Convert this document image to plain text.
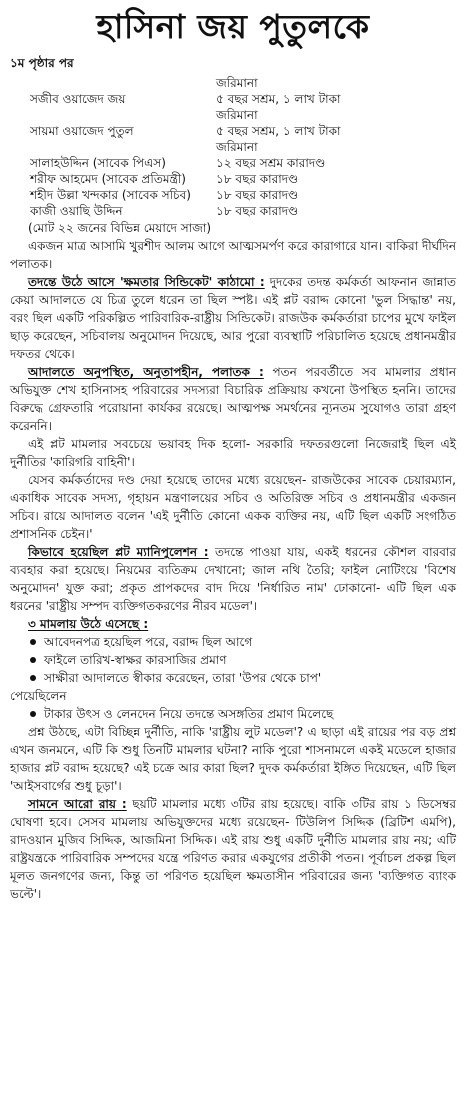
হাসিনা জয় পুতুলকে
১ম পৃষ্ঠার পর
	জরিমানা
সজীব ওয়াজেদ জয়	৫ বছর সশ্রম, ১ লাখ টাকা
	জরিমানা
সায়মা ওয়াজেদ পুতুল	৫ বছর সশ্রম, ১ লাখ টাকা
	জরিমানা
সালাহউদ্দিন (সাবেক পিএস)	১২ বছর সশ্রম কারাদণ্ড
শরীফ আহমেদ (সাবেক প্রতিমন্ত্রী)	১৮ বছর কারাদণ্ড
শহীদ উল্লা খন্দকার (সাবেক সচিব)	১৮ বছর কারাদণ্ড
কাজী ওয়াছি উদ্দিন	১৮ বছর কারাদণ্ড

(মোট ২২ জনের বিভিন্ন মেয়াদে সাজা)

একজন মাত্র আসামি খুরশীদ আলম আগে আত্মসমর্পণ করে কারাগারে যান। বাকিরা দীর্ঘদিন পলাতক।

তদন্তে উঠে আসে 'ক্ষমতার সিন্ডিকেট' কাঠামো : দুদকের তদন্ত কর্মকর্তা আফনান জান্নাত কেয়া আদালতে যে চিত্র তুলে ধরেন তা ছিল স্পষ্ট। এই প্লট বরাদ্দ কোনো 'ভুল সিদ্ধান্ত' নয়, বরং ছিল একটি পরিকল্পিত পারিবারিক-রাষ্ট্রীয় সিন্ডিকেট। রাজউক কর্মকর্তারা চাপের মুখে ফাইল ছাড় করেছেন, সচিবালয় অনুমোদন দিয়েছে, আর পুরো ব্যবস্থাটি পরিচালিত হয়েছে প্রধানমন্ত্রীর দফতর থেকে।

আদালতে অনুপস্থিত, অনুতাপহীন, পলাতক : পতন পরবর্তীতে সব মামলার প্রধান অভিযুক্ত শেখ হাসিনাসহ পরিবারের সদস্যরা বিচারিক প্রক্রিয়ায় কখনো উপস্থিত হননি। তাদের বিরুদ্ধে গ্রেফতারি পরোয়ানা কার্যকর রয়েছে। আত্মপক্ষ সমর্থনের ন্যূনতম সুযোগও তারা গ্রহণ করেননি।

এই প্লট মামলার সবচেয়ে ভয়াবহ দিক হলো- সরকারি দফতরগুলো নিজেরাই ছিল এই দুর্নীতির 'কারিগরি বাহিনী'।

যেসব কর্মকর্তাদের দণ্ড দেয়া হয়েছে তাদের মধ্যে রয়েছেন- রাজউকের সাবেক চেয়ারম্যান, একাধিক সাবেক সদস্য, গৃহায়ন মন্ত্রণালয়ের সচিব ও অতিরিক্ত সচিব ও প্রধানমন্ত্রীর একজন সচিব। রায়ে আদালত বলেন 'এই দুর্নীতি কোনো একক ব্যক্তির নয়, এটি ছিল একটি সংগঠিত প্রশাসনিক চেইন।'

কিভাবে হয়েছিল প্লট ম্যানিপুলেশন : তদন্তে পাওয়া যায়, একই ধরনের কৌশল বারবার ব্যবহার করা হয়েছে। নিয়মের ব্যতিক্রম দেখানো; জাল নথি তৈরি; ফাইল নোটিংয়ে 'বিশেষ অনুমোদন' যুক্ত করা; প্রকৃত প্রাপকদের বাদ দিয়ে 'নির্ধারিত নাম' ঢোকানো- এটি ছিল এক ধরনের 'রাষ্ট্রীয় সম্পদ ব্যক্তিগতকরণের নীরব মডেল'।

৩ মামলায় উঠে এসেছে :
আবেদনপত্র হয়েছিল পরে, বরাদ্দ ছিল আগে
ফাইলে তারিখ-স্বাক্ষর কারসাজির প্রমাণ
সাক্ষীরা আদালতে স্বীকার করেছেন, তারা 'উপর থেকে চাপ'
পেয়েছিলেন
টাকার উৎস ও লেনদেন নিয়ে তদন্তে অসঙ্গতির প্রমাণ মিলেছে

প্রশ্ন উঠছে, এটা বিচ্ছিন্ন দুর্নীতি, নাকি 'রাষ্ট্রীয় লুট মডেল'? এ ছাড়া এই রায়ের পর বড় প্রশ্ন এখন জনমনে, এটি কি শুধু তিনটি মামলার ঘটনা? নাকি পুরো শাসনামলে একই মডেলে হাজার হাজার প্লট বরাদ্দ হয়েছে? এই চক্রে আর কারা ছিল? দুদক কর্মকর্তারা ইঙ্গিত দিয়েছেন, এটি ছিল 'আইসবার্গের শুধু চূড়া'।

সামনে আরো রায় : ছয়টি মামলার মধ্যে ৩টির রায় হয়েছে। বাকি ৩টির রায় ১ ডিসেম্বর ঘোষণা হবে। সেসব মামলায় অভিযুক্তদের মধ্যে রয়েছেন- টিউলিপ সিদ্দিক (ব্রিটিশ এমপি), রাদওয়ান মুজিব সিদ্দিক, আজমিনা সিদ্দিক। এই রায় শুধু একটি দুর্নীতি মামলার রায় নয়; এটি রাষ্ট্রযন্ত্রকে পারিবারিক সম্পদের যন্ত্রে পরিণত করার একযুগের প্রতীকী পতন। পূর্বাচল প্রকল্প ছিল মূলত জনগণের জন্য, কিন্তু তা পরিণত হয়েছিল ক্ষমতাসীন পরিবারের জন্য 'ব্যক্তিগত ব্যাংক ভল্টে'।
